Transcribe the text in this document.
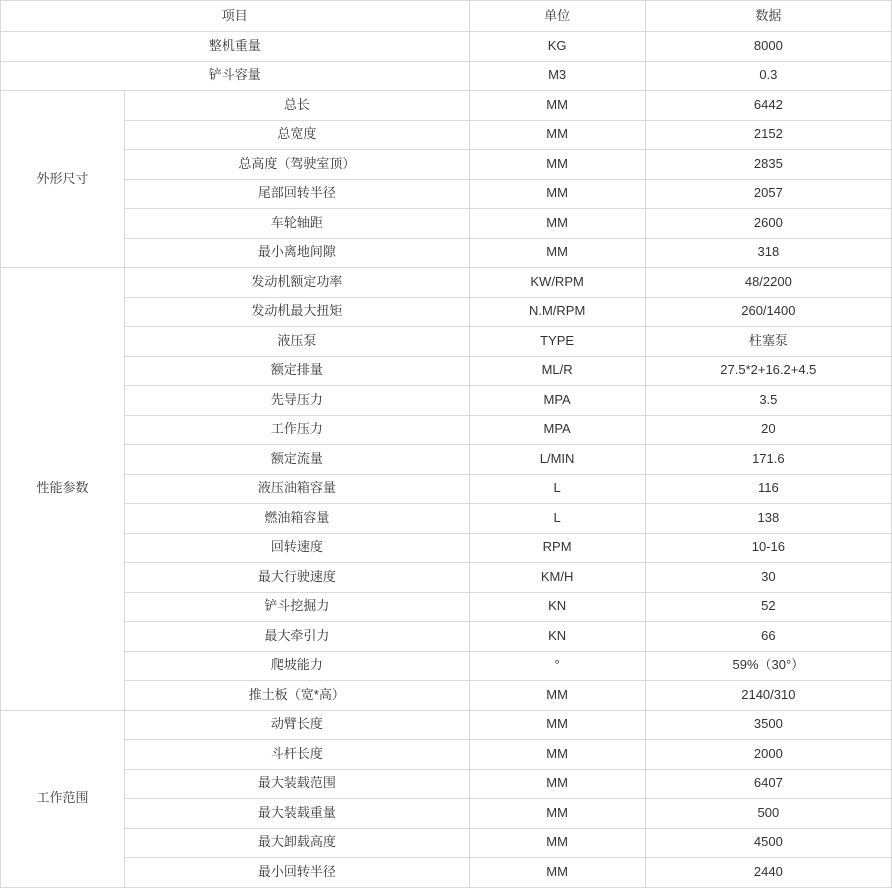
项目		单位	数据
整机重量		KG	8000
铲斗容量		M3	0.3
外形尺寸	总长	MM	6442
	总宽度	MM	2152
	总高度（驾驶室顶）	MM	2835
	尾部回转半径	MM	2057
	车轮轴距	MM	2600
	最小离地间隙	MM	318
性能参数	发动机额定功率	KW/RPM	48/2200
	发动机最大扭矩	N.M/RPM	260/1400
	液压泵	TYPE	柱塞泵
	额定排量	ML/R	27.5*2+16.2+4.5
	先导压力	MPA	3.5
	工作压力	MPA	20
	额定流量	L/MIN	171.6
	液压油箱容量	L	116
	燃油箱容量	L	138
	回转速度	RPM	10-16
	最大行驶速度	KM/H	30
	铲斗挖掘力	KN	52
	最大牵引力	KN	66
	爬坡能力	°	59%（30°）
	推土板（宽*高）	MM	2140/310
工作范围	动臂长度	MM	3500
	斗杆长度	MM	2000
	最大装载范围	MM	6407
	最大装载重量	MM	500
	最大卸载高度	MM	4500
	最小回转半径	MM	2440
